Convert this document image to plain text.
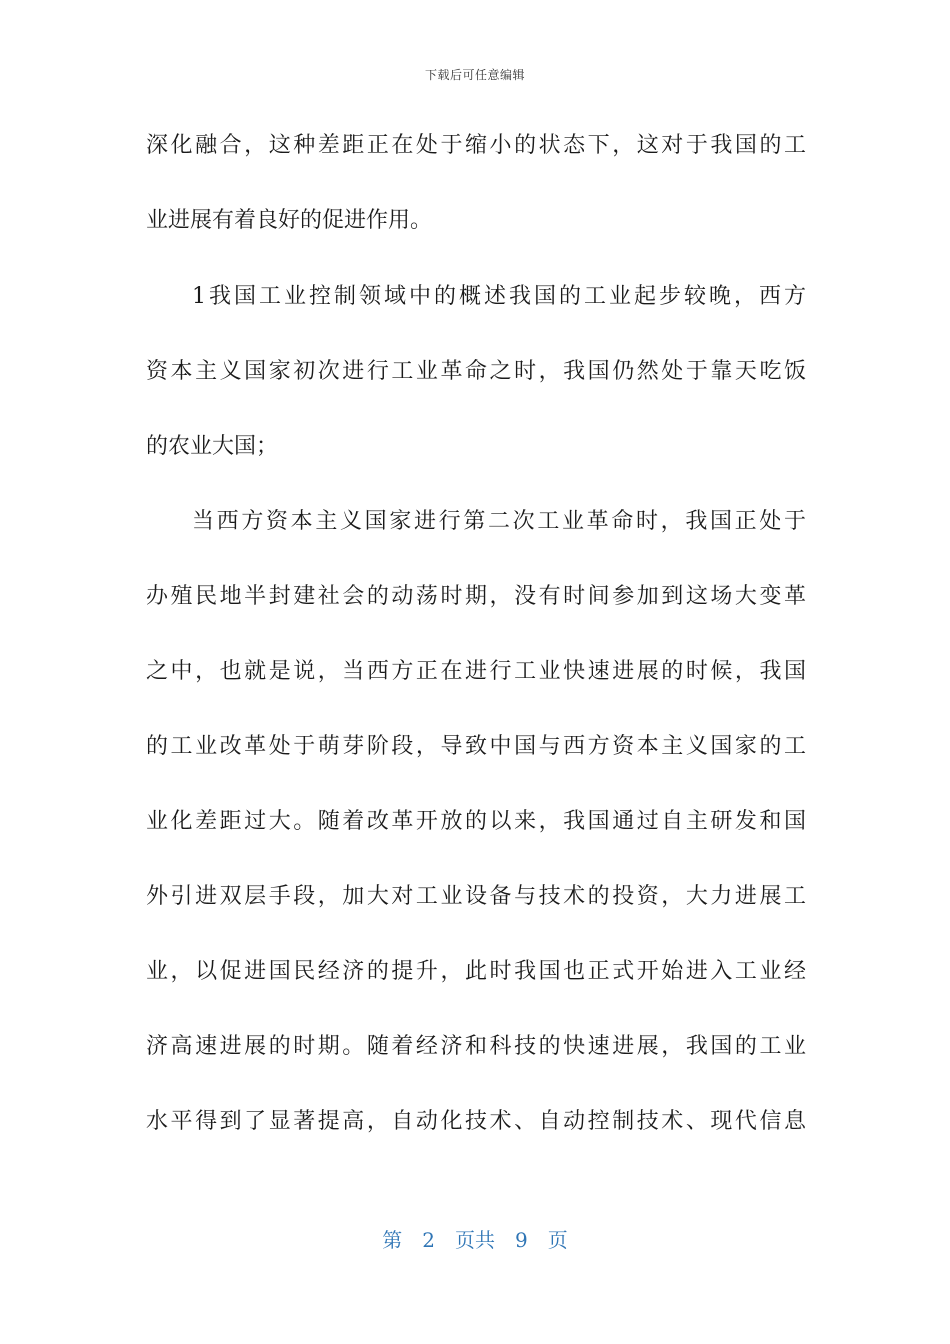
下载后可任意编辑
深化融合，这种差距正在处于缩小的状态下，这对于我国的工
业进展有着良好的促进作用。
1我国工业控制领域中的概述我国的工业起步较晚，西方
资本主义国家初次进行工业革命之时，我国仍然处于靠天吃饭
的农业大国；
当西方资本主义国家进行第二次工业革命时，我国正处于
办殖民地半封建社会的动荡时期，没有时间参加到这场大变革
之中，也就是说，当西方正在进行工业快速进展的时候，我国
的工业改革处于萌芽阶段，导致中国与西方资本主义国家的工
业化差距过大。随着改革开放的以来，我国通过自主研发和国
外引进双层手段，加大对工业设备与技术的投资，大力进展工
业，以促进国民经济的提升，此时我国也正式开始进入工业经
济高速进展的时期。随着经济和科技的快速进展，我国的工业
水平得到了显著提高，自动化技术、自动控制技术、现代信息
第 2 页共 9 页
